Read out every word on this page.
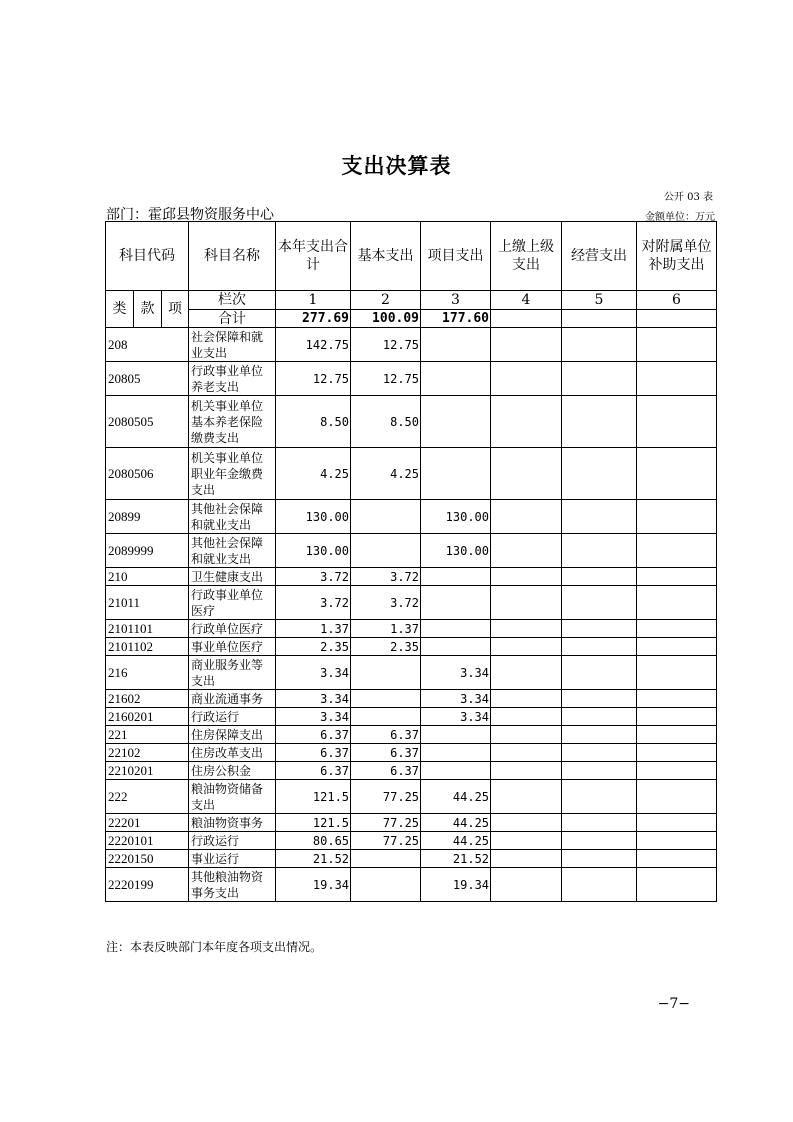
支出决算表
公开 03 表
部门：霍邱县物资服务中心	金额单位：万元
科目代码			科目名称	本年支出合计	基本支出	项目支出	上缴上级支出	经营支出	对附属单位补助支出
类	款	项	栏次	1	2	3	4	5	6
			合计	277.69	100.09	177.60			
208			社会保障和就业支出	142.75	12.75				
20805			行政事业单位养老支出	12.75	12.75				
2080505			机关事业单位基本养老保险缴费支出	8.50	8.50				
2080506			机关事业单位职业年金缴费支出	4.25	4.25				
20899			其他社会保障和就业支出	130.00		130.00			
2089999			其他社会保障和就业支出	130.00		130.00			
210			卫生健康支出	3.72	3.72				
21011			行政事业单位医疗	3.72	3.72				
2101101			行政单位医疗	1.37	1.37				
2101102			事业单位医疗	2.35	2.35				
216			商业服务业等支出	3.34		3.34			
21602			商业流通事务	3.34		3.34			
2160201			行政运行	3.34		3.34			
221			住房保障支出	6.37	6.37				
22102			住房改革支出	6.37	6.37				
2210201			住房公积金	6.37	6.37				
222			粮油物资储备支出	121.5	77.25	44.25			
22201			粮油物资事务	121.5	77.25	44.25			
2220101			行政运行	80.65	77.25	44.25			
2220150			事业运行	21.52		21.52			
2220199			其他粮油物资事务支出	19.34		19.34			
注：本表反映部门本年度各项支出情况。
−7−
